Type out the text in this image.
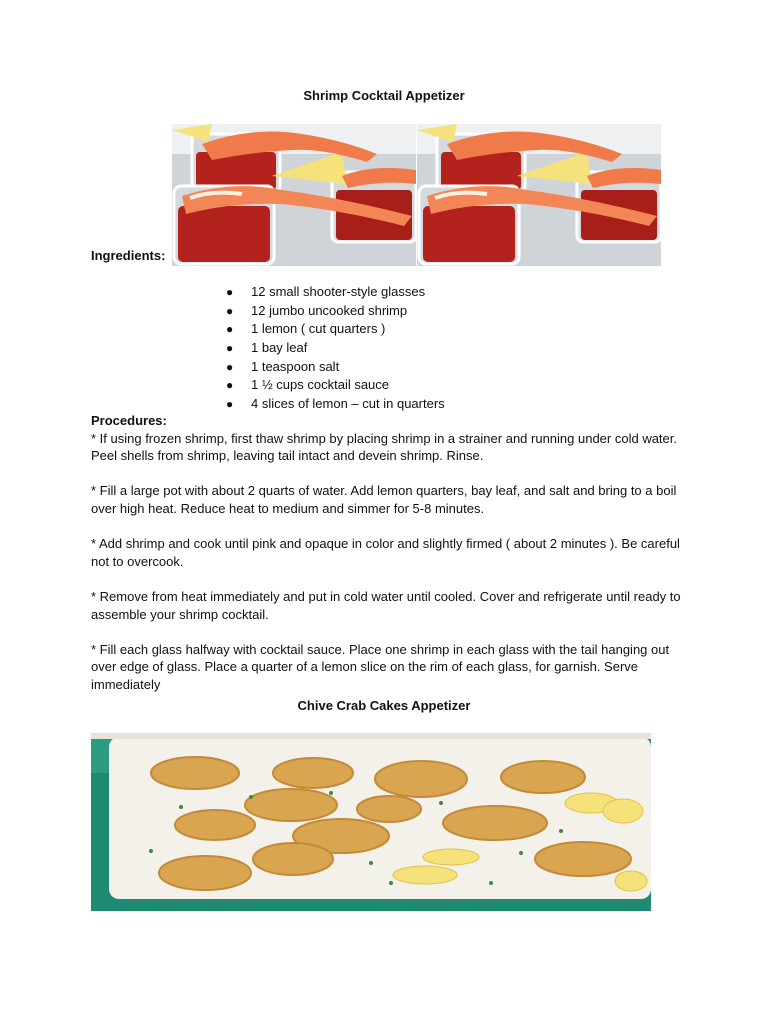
Shrimp Cocktail Appetizer
Ingredients:
●	12 small shooter-style glasses
●	12 jumbo uncooked shrimp
●	1 lemon ( cut quarters )
●	1 bay leaf
●	1 teaspoon salt
●	1 ½ cups cocktail sauce
●	4 slices of lemon – cut in quarters
Procedures:

* If using frozen shrimp, first thaw shrimp by placing shrimp in a strainer and running under cold water. Peel shells from shrimp, leaving tail intact and devein shrimp. Rinse.

* Fill a large pot with about 2 quarts of water. Add lemon quarters, bay leaf, and salt and bring to a boil over high heat. Reduce heat to medium and simmer for 5-8 minutes.

* Add shrimp and cook until pink and opaque in color and slightly firmed ( about 2 minutes ). Be careful not to overcook.

* Remove from heat immediately and put in cold water until cooled. Cover and refrigerate until ready to assemble your shrimp cocktail.

* Fill each glass halfway with cocktail sauce. Place one shrimp in each glass with the tail hanging out over edge of glass. Place a quarter of a lemon slice on the rim of each glass, for garnish. Serve immediately

Chive Crab Cakes Appetizer
